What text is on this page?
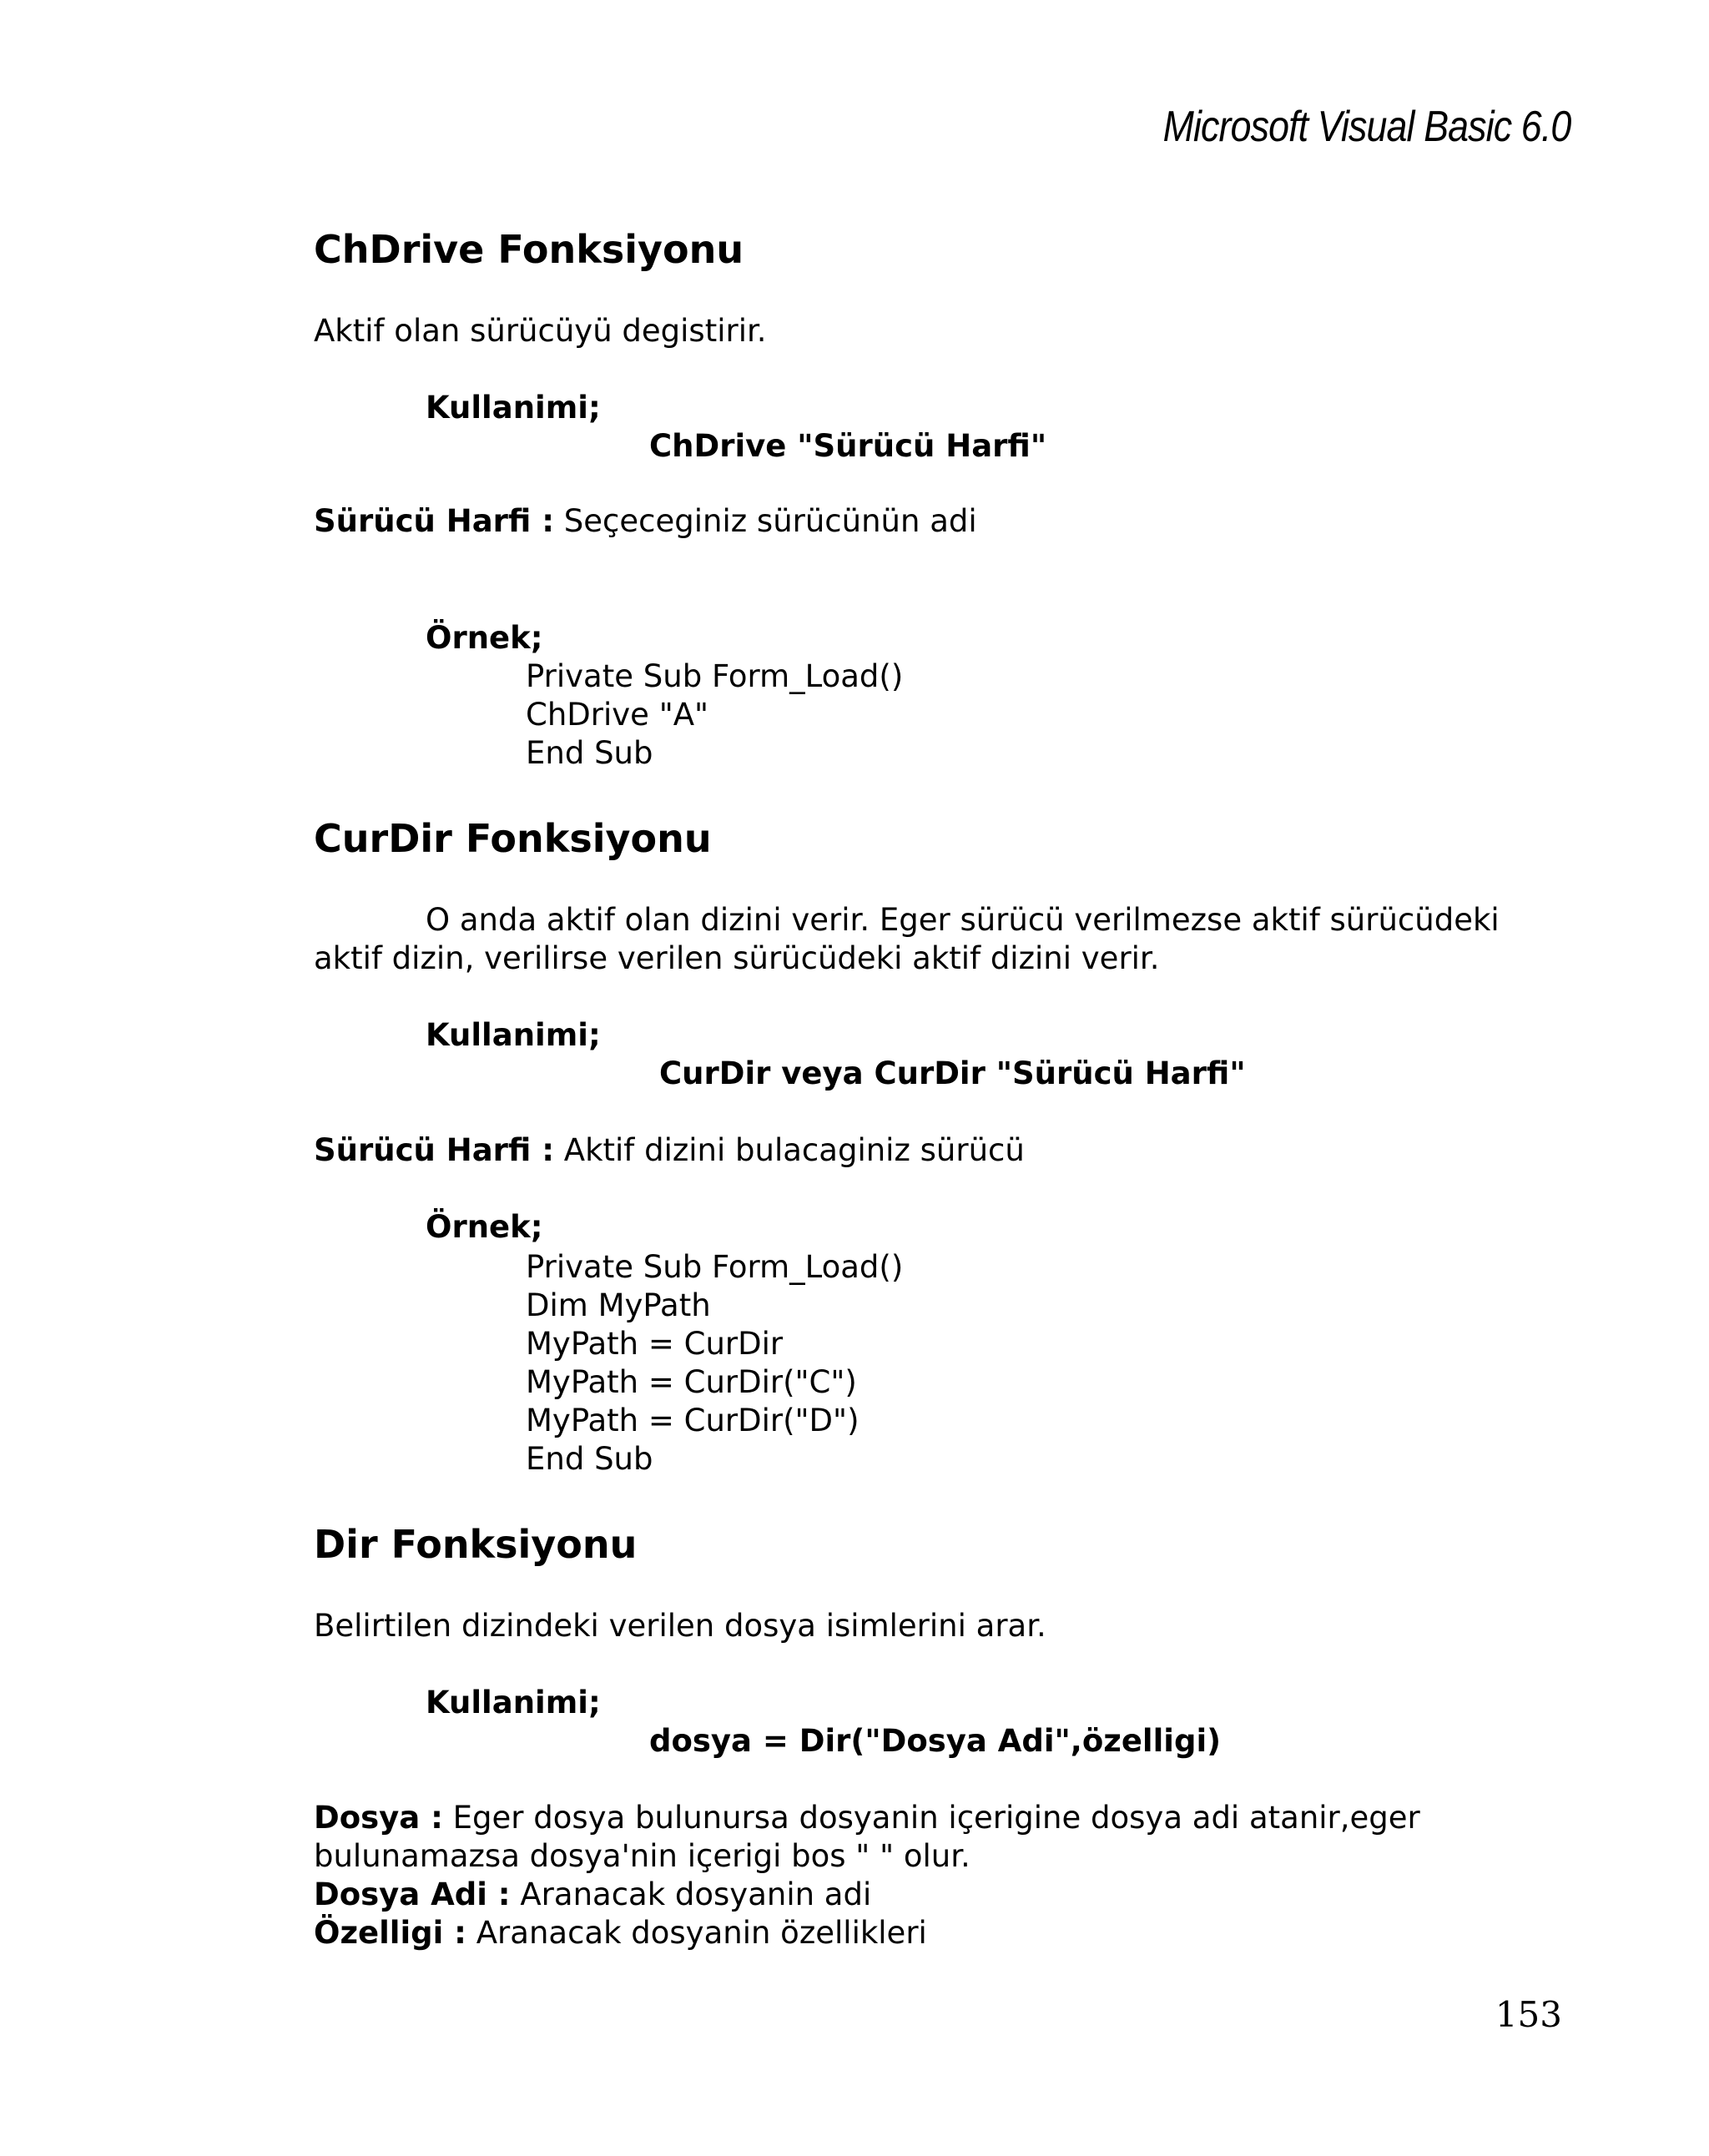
Microsoft Visual Basic 6.0
ChDrive Fonksiyonu
Aktif olan sürücüyü degistirir.
Kullanimi;
ChDrive "Sürücü Harfi"
Sürücü Harfi : Seçeceginiz sürücünün adi
Örnek;
Private Sub Form_Load()
ChDrive "A"
End Sub
CurDir Fonksiyonu
O anda aktif olan dizini verir. Eger sürücü verilmezse aktif sürücüdeki
aktif dizin, verilirse verilen sürücüdeki aktif dizini verir.
Kullanimi;
CurDir veya CurDir "Sürücü Harfi"
Sürücü Harfi : Aktif dizini bulacaginiz sürücü
Örnek;
Private Sub Form_Load()
Dim MyPath
MyPath = CurDir
MyPath = CurDir("C")
MyPath = CurDir("D")
End Sub
Dir Fonksiyonu
Belirtilen dizindeki verilen dosya isimlerini arar.
Kullanimi;
dosya = Dir("Dosya Adi",özelligi)
Dosya : Eger dosya bulunursa dosyanin içerigine dosya adi atanir,eger
bulunamazsa dosya'nin içerigi bos " " olur.
Dosya Adi : Aranacak dosyanin adi
Özelligi : Aranacak dosyanin özellikleri
153
